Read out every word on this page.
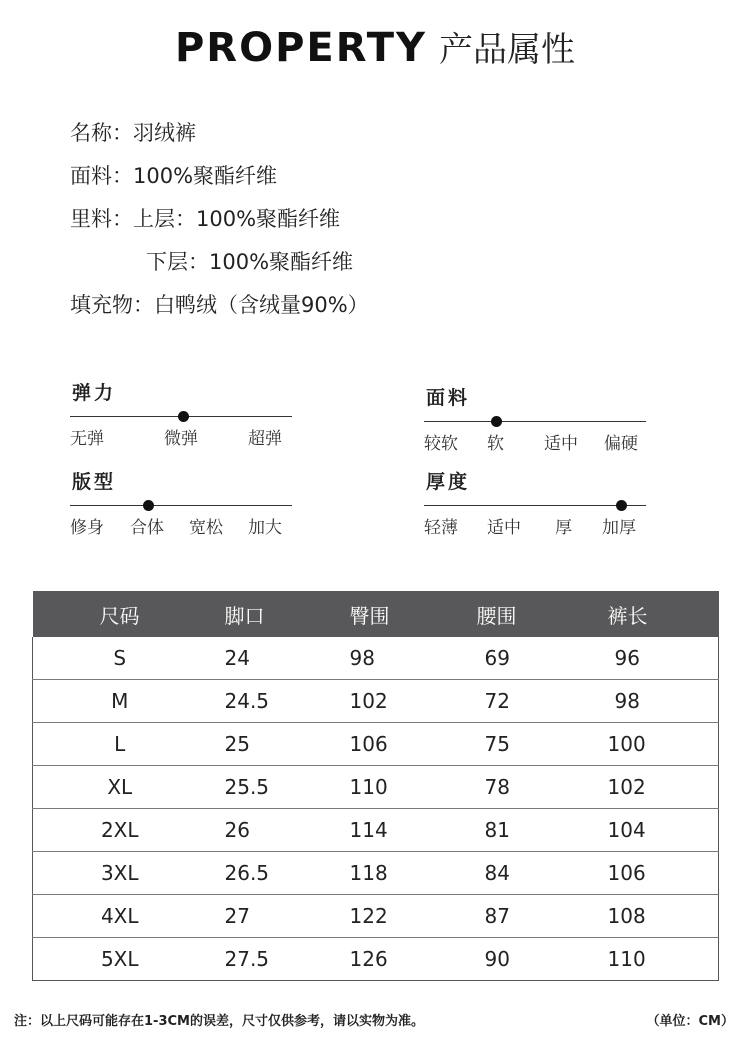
PROPERTY 产品属性
名称：羽绒裤
面料：100%聚酯纤维
里料：上层：100%聚酯纤维
下层：100%聚酯纤维
填充物：白鸭绒（含绒量90%）
弹力
无弹	微弹	超弹
面料
较软 软 适中 偏硬
版型
修身 合体 宽松 加大
厚度
轻薄 适中 厚 加厚
尺码	脚口	臀围	腰围	裤长
S	24	98	69	96
M	24.5	102	72	98
L	25	106	75	100
XL	25.5	110	78	102
2XL	26	114	81	104
3XL	26.5	118	84	106
4XL	27	122	87	108
5XL	27.5	126	90	110
注：以上尺码可能存在1-3CM的误差，尺寸仅供参考，请以实物为准。	（单位：CM）
